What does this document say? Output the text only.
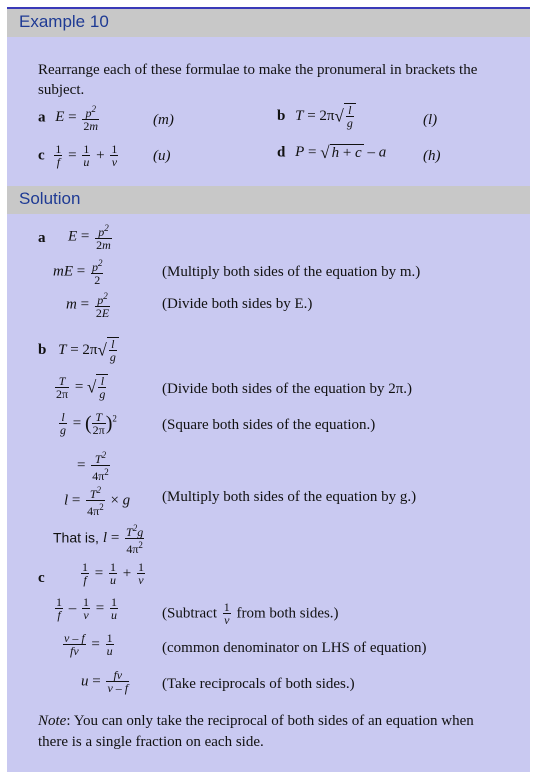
Example 10
Rearrange each of these formulae to make the pronumeral in brackets the subject.
a $E = \frac{p^2}{2m}$	(m)	b $T = 2\pi√ \frac{l}{g}$	(l)
c $\frac{1}{f} = \frac{1}{u} + \frac{1}{v} (u)$	d P = √ h + c – a (h)
Solution
a $E = \frac{p^2}{2m}$
mE = $\frac{p^2}{2}$	(Multiply both sides of the equation by m.)
$m = \frac{p^2}{2E}$	(Divide both sides by E.)
b $T = 2\pi√ \frac{l}{g}$
$\frac{T}{2\pi}$ = √ $\frac{l}{g}$	(Divide both sides of the equation by 2π.)
$\frac{l}{g}$ = ( $\frac{T}{2\pi} )^2$	(Square both sides of the equation.)
= $\frac{T^2}{4\pi^2}$
$l = \frac{T^2}{4\pi^2} \times g$ (Multiply both sides of the equation by g.)
That is, $l = \frac{T^2g}{4\pi^2}$
c	$\frac{1}{f} = \frac{1}{u} + \frac{1}{v}$
$\frac{1}{f} - \frac{1}{v} = \frac{1}{u}$	(Subtract $\frac{1}{v}$ from both sides.)
$\frac{v - f}{fv} = \frac{1}{u}$	(common denominator on LHS of equation)
$u = \frac{fv}{v - f}$ (Take reciprocals of both sides.)
Note: You can only take the reciprocal of both sides of an equation when there is a single fraction on each side.
